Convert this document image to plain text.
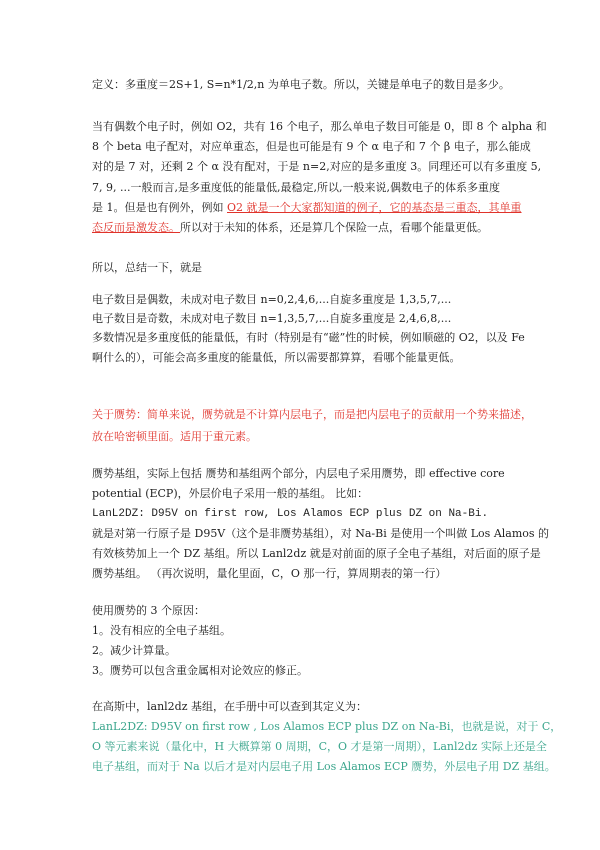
定义：多重度＝2S+1, S=n*1/2,n 为单电子数。所以，关键是单电子的数目是多少。
当有偶数个电子时，例如 O2，共有 16 个电子，那么单电子数目可能是 0，即 8 个 alpha 和
8 个 beta 电子配对，对应单重态，但是也可能是有 9 个 α 电子和 7 个 β 电子，那么能成
对的是 7 对，还剩 2 个 α 没有配对，于是 n=2,对应的是多重度 3。同理还可以有多重度 5,
7, 9, ...一般而言,是多重度低的能量低,最稳定,所以,一般来说,偶数电子的体系多重度
是 1。但是也有例外，例如 O2 就是一个大家都知道的例子，它的基态是三重态，其单重
态反而是激发态。所以对于未知的体系，还是算几个保险一点，看哪个能量更低。
所以，总结一下，就是
电子数目是偶数，未成对电子数目 n=0,2,4,6,...自旋多重度是 1,3,5,7,...
电子数目是奇数，未成对电子数目 n=1,3,5,7,...自旋多重度是 2,4,6,8,...
多数情况是多重度低的能量低，有时（特别是有“磁”性的时候，例如顺磁的 O2，以及 Fe
啊什么的），可能会高多重度的能量低，所以需要都算算，看哪个能量更低。
关于赝势：简单来说，赝势就是不计算内层电子，而是把内层电子的贡献用一个势来描述，
放在哈密顿里面。适用于重元素。
赝势基组，实际上包括 赝势和基组两个部分，内层电子采用赝势，即 effective core
potential (ECP)，外层价电子采用一般的基组。 比如：
LanL2DZ: D95V on first row, Los Alamos ECP plus DZ on Na-Bi.
就是对第一行原子是 D95V（这个是非赝势基组），对 Na-Bi 是使用一个叫做 Los Alamos 的
有效核势加上一个 DZ 基组。所以 Lanl2dz 就是对前面的原子全电子基组，对后面的原子是
赝势基组。 （再次说明，量化里面，C，O 那一行，算周期表的第一行）
使用赝势的 3 个原因：
1。没有相应的全电子基组。
2。减少计算量。
3。赝势可以包含重金属相对论效应的修正。
在高斯中，lanl2dz 基组，在手册中可以查到其定义为：
LanL2DZ: D95V on first row , Los Alamos ECP plus DZ on Na-Bi，也就是说，对于 C，
O 等元素来说（量化中，H 大概算第 0 周期，C，O 才是第一周期），Lanl2dz 实际上还是全
电子基组，而对于 Na 以后才是对内层电子用 Los Alamos ECP 赝势，外层电子用 DZ 基组。
